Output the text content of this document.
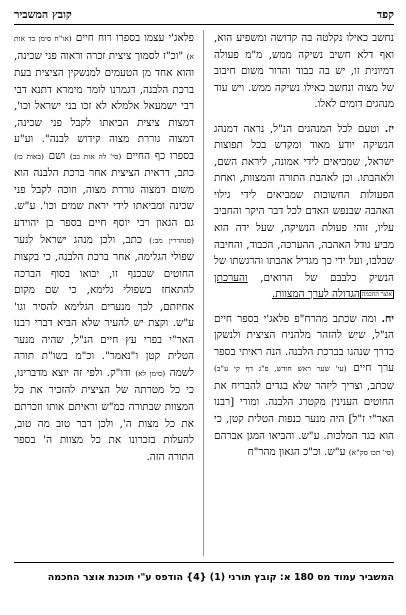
קפד
קובץ המשביר

נחשב כאילו נקלטה בה קדושה ומשפיע הוא, ואף דלא חשיב נשיקה ממש, מ"מ פעולה דמיונית זו, יש בה כבוד והדור משום חיבוב של מצוה ונחשב כאילו נשיקה ממש. ויש עוד מנהגים דומים לאלו.

יז. וטעם לכל המנהגים הנ"ל, נראה דמנהג הנשיקה יודע מאוד ומקדש בכל תפוצות ישראל, שמביאים לידי אמונה, ליראת השם, ולאהבתו. וכן לאהבת התורה והמצוות, ואחת הפעולות החשובות שמביאים לידי גילוי האהבה שבנפש האדם לכל דבר היקר והחביב עליו, זוהי פעולת הנשיקה, שעל ידה הוא מביע גודל האהבה, ההערכה, הכבוד, והחיבה שבלבו, ועל ידי כך מגדיל אהבתו והרגשתו של הנשיק כלבבם של הרואים, והערכתן אוצר החכמההגדולה לערך המצוות.

יח. ומה שכתב מהרח"פ פלאג'י בספר חיים הנ"ל, שיש להזהר מלהניח הציצית ולנשקן כדרך שנהגו בברכת הלבנה. הנה ראיתי בספר ערך חיים (עי' שער ראש חודש, פ"ג דף קי ע"ב) שכתב, וצריך ליזהר שלא בגדים להבריח את החוטים הענינין מקטרג הלבנה. ומורי [רבנו האר"י ז"ל] היה מנער כנפות הטלית קטן, כי הוא בגד המלכות. ע"ש. והביאו המגן אברהם (סי' תכו סק"א) ע"ש. וכ"כ הגאון מהר"ח

פלאג'י עצמו בספרו רוח חיים (או"ח סימן כד אות א) "וכ"ז לסמוך ציצית זכרה וראוה פני שכינה, והוא אחד מן הטעמים למנשקין הציצית בעת ברכת הלבנה, דגמרנו לומר מימרא דתנא דבי רבי ישמעאל אלמלא לא זכו בני ישראל וכו', דמצות ציצית הביאתו לקבל פני שכינה, דמצוה גוררת מצוה קידוש לבנה". וע"ע בספרו כף החיים (סי' לה אות כב) ושם (באות כז) כתב, דראית הציצית אחר ברכת הלבנה הוא משום דמצוה גוררת מצוה, וזוכה לקבל פני שכינה ומביאתו לידי יראת שמים וכו'. ע"ש. גם הגאון רבי יוסף חיים בספר בן יהוידע (סנהדרין מב:) כתב, ולכן מנהג ישראל לנער שפולי הגלימה, אחר ברכת הלבנה, כי בקצות החוטים שבכנף זו, יבואו בסוף הברכה להתאחז בשפולי גלימא, כי שם מקום אחיזתם, לכך מנערים הגלימא להסיר וגו' ע"ש. וקצת יש להעיר שלא הביא דברי רבנו האר"י בפרי עץ חיים הנ"ל, שהיה מנער הטלית קטן ו"נאמר". וכ"מ בשו"ת תורה לשמה (סימן לא) ודו"ק. ולפי זה יוצא מדברינו, כי כל מטרתה של הציצית להזכיר את כל המצוות שבתורה כמ"ש וראיתם אותו וזכרתם את כל מצות ה', ולכן דבר טוב מה טוב, להעלות בזכרונו את כל מצוות ה' בספר התורה הזה.

המשביר עמוד מס 180 א: קובץ תורני (1) {4} הודפס ע"י תוכנת אוצר החכמה
